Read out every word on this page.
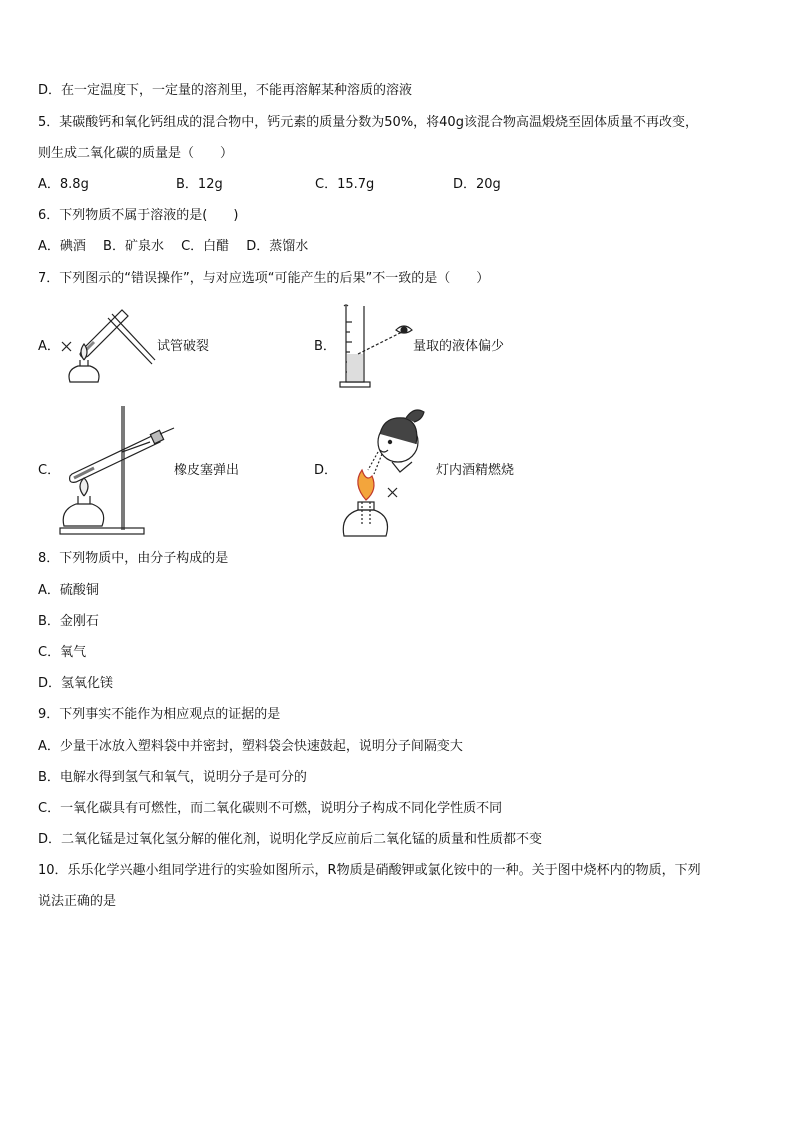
D．在一定温度下，一定量的溶剂里，不能再溶解某种溶质的溶液
5．某碳酸钙和氧化钙组成的混合物中，钙元素的质量分数为50%，将40g该混合物高温煅烧至固体质量不再改变，
则生成二氧化碳的质量是（　　）
A．8.8g	B．12g	C．15.7g	D．20g
6．下列物质不属于溶液的是(　　)
A．碘酒　 B．矿泉水　 C．白醋　 D．蒸馏水
7．下列图示的“错误操作”，与对应选项“可能产生的后果”不一致的是（　　）
A．	试管破裂	B．	量取的液体偏少
C．	橡皮塞弹出	D．	灯内酒精燃烧
8．下列物质中，由分子构成的是
A．硫酸铜
B．金刚石
C．氧气
D．氢氧化镁
9．下列事实不能作为相应观点的证据的是
A．少量干冰放入塑料袋中并密封，塑料袋会快速鼓起，说明分子间隔变大
B．电解水得到氢气和氧气，说明分子是可分的
C．一氧化碳具有可燃性，而二氧化碳则不可燃，说明分子构成不同化学性质不同
D．二氧化锰是过氧化氢分解的催化剂，说明化学反应前后二氧化锰的质量和性质都不变
10．乐乐化学兴趣小组同学进行的实验如图所示，R物质是硝酸钾或氯化铵中的一种。关于图中烧杯内的物质，下列
说法正确的是
